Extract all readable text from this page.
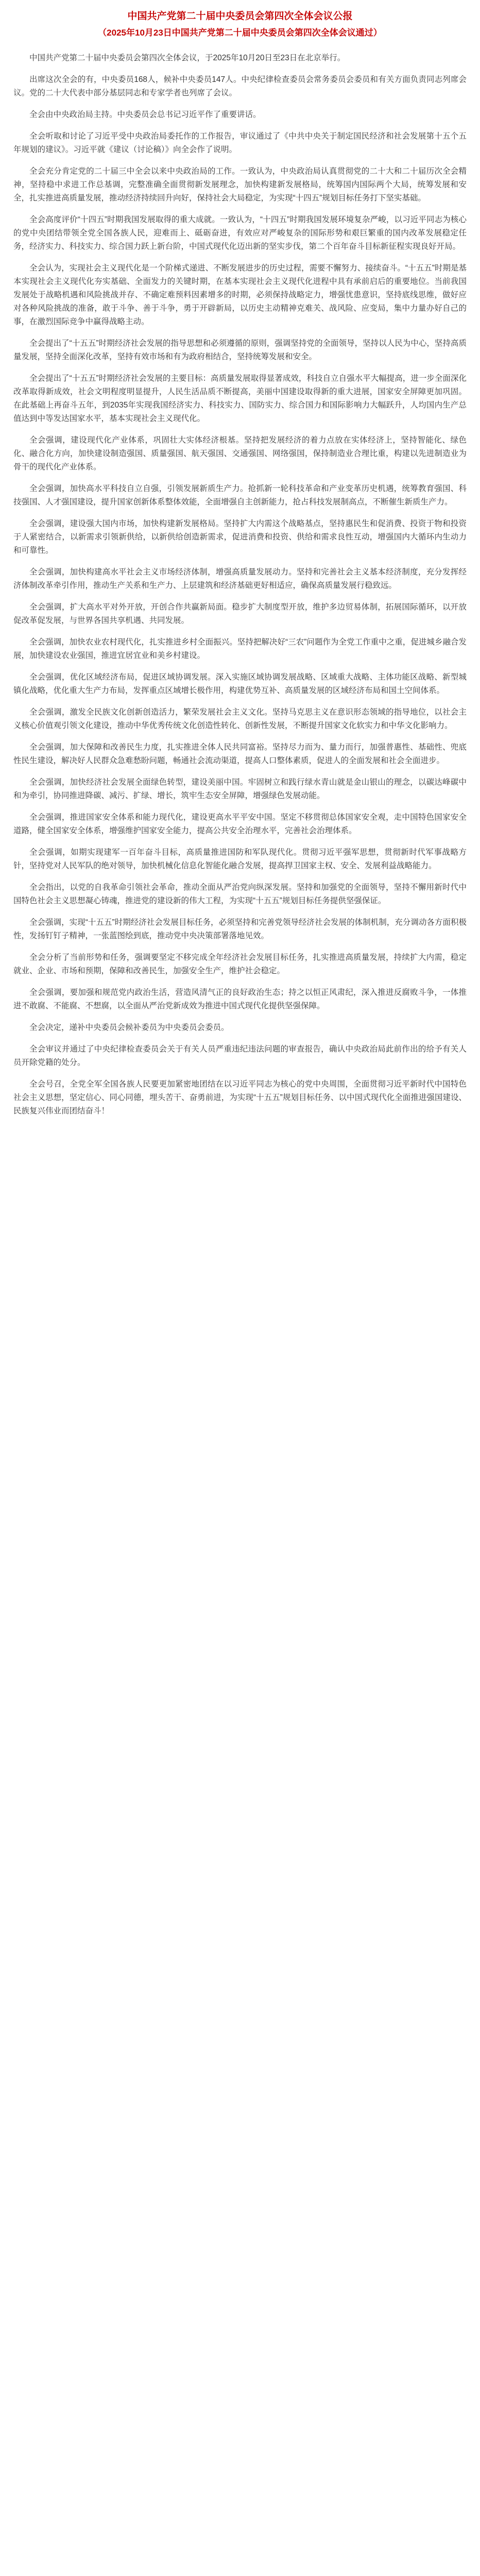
中国共产党第二十届中央委员会第四次全体会议公报
（2025年10月23日中国共产党第二十届中央委员会第四次全体会议通过）

中国共产党第二十届中央委员会第四次全体会议，于2025年10月20日至23日在北京举行。

出席这次全会的有，中央委员168人，候补中央委员147人。中央纪律检查委员会常务委员会委员和有关方面负责同志列席会议。党的二十大代表中部分基层同志和专家学者也列席了会议。

全会由中央政治局主持。中央委员会总书记习近平作了重要讲话。

全会听取和讨论了习近平受中央政治局委托作的工作报告，审议通过了《中共中央关于制定国民经济和社会发展第十五个五年规划的建议》。习近平就《建议（讨论稿）》向全会作了说明。

全会充分肯定党的二十届三中全会以来中央政治局的工作。一致认为，中央政治局认真贯彻党的二十大和二十届历次全会精神，坚持稳中求进工作总基调，完整准确全面贯彻新发展理念，加快构建新发展格局，统筹国内国际两个大局，统筹发展和安全，扎实推进高质量发展，推动经济持续回升向好，保持社会大局稳定，为实现“十四五”规划目标任务打下坚实基础。

全会高度评价“十四五”时期我国发展取得的重大成就。一致认为，“十四五”时期我国发展环境复杂严峻，以习近平同志为核心的党中央团结带领全党全国各族人民，迎难而上、砥砺奋进，有效应对严峻复杂的国际形势和艰巨繁重的国内改革发展稳定任务，经济实力、科技实力、综合国力跃上新台阶，中国式现代化迈出新的坚实步伐，第二个百年奋斗目标新征程实现良好开局。

全会认为，实现社会主义现代化是一个阶梯式递进、不断发展进步的历史过程，需要不懈努力、接续奋斗。“十五五”时期是基本实现社会主义现代化夯实基础、全面发力的关键时期，在基本实现社会主义现代化进程中具有承前启后的重要地位。当前我国发展处于战略机遇和风险挑战并存、不确定难预料因素增多的时期，必须保持战略定力，增强忧患意识，坚持底线思维，做好应对各种风险挑战的准备，敢于斗争、善于斗争，勇于开辟新局，以历史主动精神克难关、战风险、应变局，集中力量办好自己的事，在激烈国际竞争中赢得战略主动。

全会提出了“十五五”时期经济社会发展的指导思想和必须遵循的原则，强调坚持党的全面领导，坚持以人民为中心，坚持高质量发展，坚持全面深化改革，坚持有效市场和有为政府相结合，坚持统筹发展和安全。

全会提出了“十五五”时期经济社会发展的主要目标：高质量发展取得显著成效，科技自立自强水平大幅提高，进一步全面深化改革取得新成效，社会文明程度明显提升，人民生活品质不断提高，美丽中国建设取得新的重大进展，国家安全屏障更加巩固。在此基础上再奋斗五年，到2035年实现我国经济实力、科技实力、国防实力、综合国力和国际影响力大幅跃升，人均国内生产总值达到中等发达国家水平，基本实现社会主义现代化。

全会强调，建设现代化产业体系，巩固壮大实体经济根基。坚持把发展经济的着力点放在实体经济上，坚持智能化、绿色化、融合化方向，加快建设制造强国、质量强国、航天强国、交通强国、网络强国，保持制造业合理比重，构建以先进制造业为骨干的现代化产业体系。

全会强调，加快高水平科技自立自强，引领发展新质生产力。抢抓新一轮科技革命和产业变革历史机遇，统筹教育强国、科技强国、人才强国建设，提升国家创新体系整体效能，全面增强自主创新能力，抢占科技发展制高点，不断催生新质生产力。

全会强调，建设强大国内市场，加快构建新发展格局。坚持扩大内需这个战略基点，坚持惠民生和促消费、投资于物和投资于人紧密结合，以新需求引领新供给，以新供给创造新需求，促进消费和投资、供给和需求良性互动，增强国内大循环内生动力和可靠性。

全会强调，加快构建高水平社会主义市场经济体制，增强高质量发展动力。坚持和完善社会主义基本经济制度，充分发挥经济体制改革牵引作用，推动生产关系和生产力、上层建筑和经济基础更好相适应，确保高质量发展行稳致远。

全会强调，扩大高水平对外开放，开创合作共赢新局面。稳步扩大制度型开放，维护多边贸易体制，拓展国际循环，以开放促改革促发展，与世界各国共享机遇、共同发展。

全会强调，加快农业农村现代化，扎实推进乡村全面振兴。坚持把解决好“三农”问题作为全党工作重中之重，促进城乡融合发展，加快建设农业强国，推进宜居宜业和美乡村建设。

全会强调，优化区域经济布局，促进区域协调发展。深入实施区域协调发展战略、区域重大战略、主体功能区战略、新型城镇化战略，优化重大生产力布局，发挥重点区域增长极作用，构建优势互补、高质量发展的区域经济布局和国土空间体系。

全会强调，激发全民族文化创新创造活力，繁荣发展社会主义文化。坚持马克思主义在意识形态领域的指导地位，以社会主义核心价值观引领文化建设，推动中华优秀传统文化创造性转化、创新性发展，不断提升国家文化软实力和中华文化影响力。

全会强调，加大保障和改善民生力度，扎实推进全体人民共同富裕。坚持尽力而为、量力而行，加强普惠性、基础性、兜底性民生建设，解决好人民群众急难愁盼问题，畅通社会流动渠道，提高人口整体素质，促进人的全面发展和社会全面进步。

全会强调，加快经济社会发展全面绿色转型，建设美丽中国。牢固树立和践行绿水青山就是金山银山的理念，以碳达峰碳中和为牵引，协同推进降碳、减污、扩绿、增长，筑牢生态安全屏障，增强绿色发展动能。

全会强调，推进国家安全体系和能力现代化，建设更高水平平安中国。坚定不移贯彻总体国家安全观，走中国特色国家安全道路，健全国家安全体系，增强维护国家安全能力，提高公共安全治理水平，完善社会治理体系。

全会强调，如期实现建军一百年奋斗目标，高质量推进国防和军队现代化。贯彻习近平强军思想，贯彻新时代军事战略方针，坚持党对人民军队的绝对领导，加快机械化信息化智能化融合发展，提高捍卫国家主权、安全、发展利益战略能力。

全会指出，以党的自我革命引领社会革命，推动全面从严治党向纵深发展。坚持和加强党的全面领导，坚持不懈用新时代中国特色社会主义思想凝心铸魂，推进党的建设新的伟大工程，为实现“十五五”规划目标任务提供坚强保证。

全会强调，实现“十五五”时期经济社会发展目标任务，必须坚持和完善党领导经济社会发展的体制机制，充分调动各方面积极性，发扬钉钉子精神，一张蓝图绘到底，推动党中央决策部署落地见效。

全会分析了当前形势和任务，强调要坚定不移完成全年经济社会发展目标任务，扎实推进高质量发展，持续扩大内需，稳定就业、企业、市场和预期，保障和改善民生，加强安全生产，维护社会稳定。

全会强调，要加强和规范党内政治生活，营造风清气正的良好政治生态；持之以恒正风肃纪，深入推进反腐败斗争，一体推进不敢腐、不能腐、不想腐，以全面从严治党新成效为推进中国式现代化提供坚强保障。

全会决定，递补中央委员会候补委员为中央委员会委员。

全会审议并通过了中央纪律检查委员会关于有关人员严重违纪违法问题的审查报告，确认中央政治局此前作出的给予有关人员开除党籍的处分。

全会号召，全党全军全国各族人民要更加紧密地团结在以习近平同志为核心的党中央周围，全面贯彻习近平新时代中国特色社会主义思想，坚定信心、同心同德，埋头苦干、奋勇前进，为实现“十五五”规划目标任务、以中国式现代化全面推进强国建设、民族复兴伟业而团结奋斗！
